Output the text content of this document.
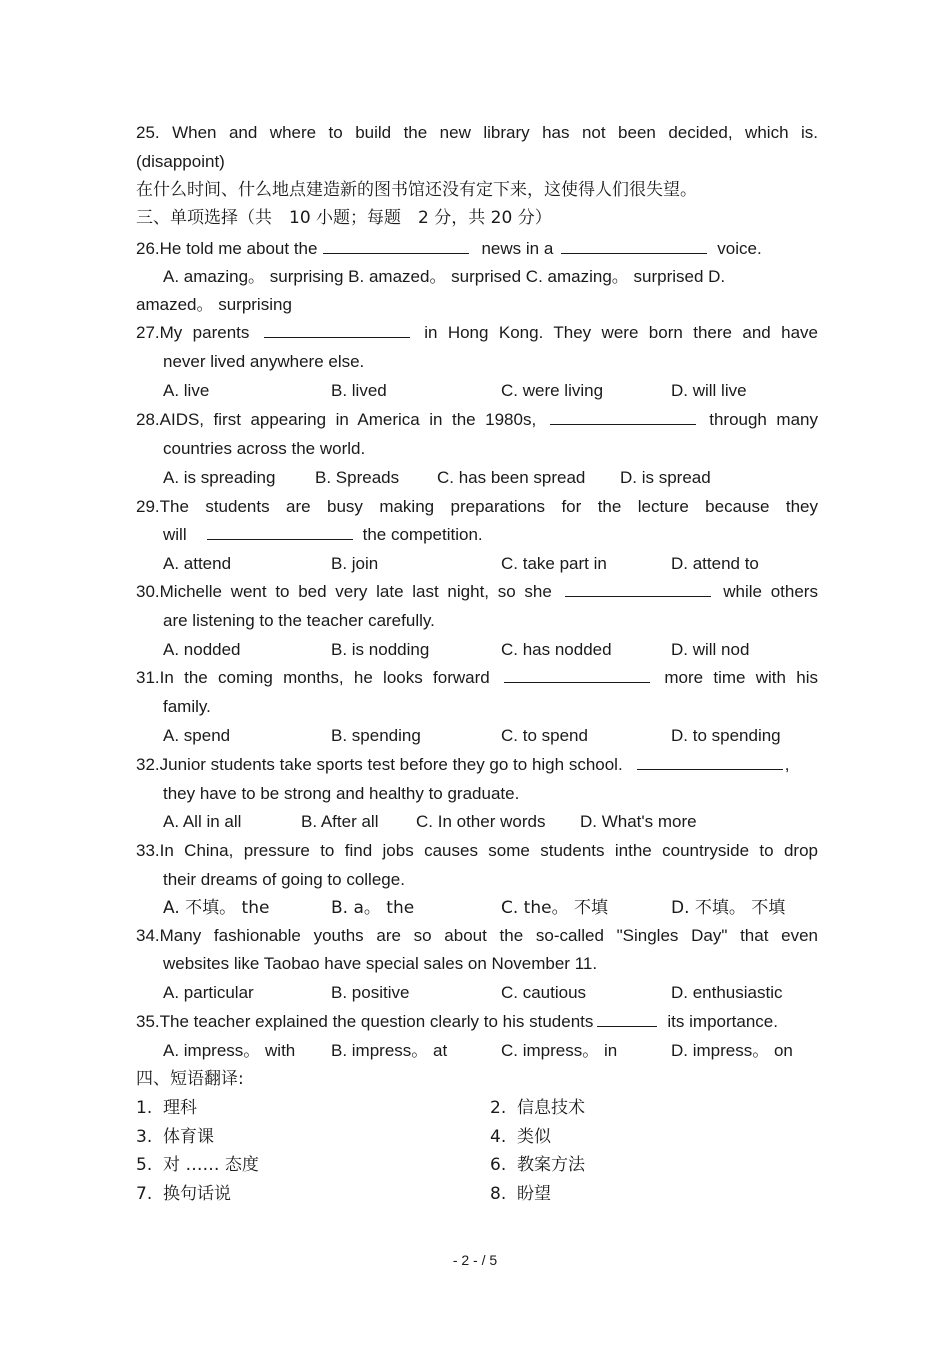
25. When and where to build the new library has not been decided, which is.
(disappoint)
在什么时间、什么地点建造新的图书馆还没有定下来，这使得人们很失望。
三、单项选择（共　10 小题；每题　2 分，共 20 分）
26.He told me about the	news in a	voice.
A. amazing。 surprising B. amazed。 surprised C. amazing。 surprised D.
amazed。 surprising
27.My parents	in Hong Kong. They were born there and have
never lived anywhere else.
A. live	B. lived	C. were living	D. will live
28.AIDS, first appearing in America in the 1980s,	through many
countries across the world.
A. is spreading B. Spreads C. has been spread D. is spread
29.The students are busy making preparations for the lecture because they
will	the competition.
A. attend	B. join	C. take part in	D. attend to
30.Michelle went to bed very late last night, so she	while others
are listening to the teacher carefully.
A. nodded	B. is nodding	C. has nodded	D. will nod
31.In the coming months, he looks forward	more time with his
family.
A. spend	B. spending	C. to spend	D. to spending
32.Junior students take sports test before they go to high school.	,
they have to be strong and healthy to graduate.
A. All in all	B. After all C. In other words D. What's more
33.In China, pressure to find jobs causes some students inthe countryside to drop
their dreams of going to college.
A. 不填。 the	B. a。 the	C. the。 不填	D. 不填。 不填
34.Many fashionable youths are so about the so-called "Singles Day" that even
websites like Taobao have special sales on November 11.
A. particular	B. positive	C. cautious	D. enthusiastic
35.The teacher explained the question clearly to his students	its importance.
A. impress。 with B. impress。 at	C. impress。 in	D. impress。 on
四、短语翻译:
1. 理科	2. 信息技术
3. 体育课	4. 类似
5. 对 …… 态度	6. 教案方法
7. 换句话说	8. 盼望
- 2 - / 5
